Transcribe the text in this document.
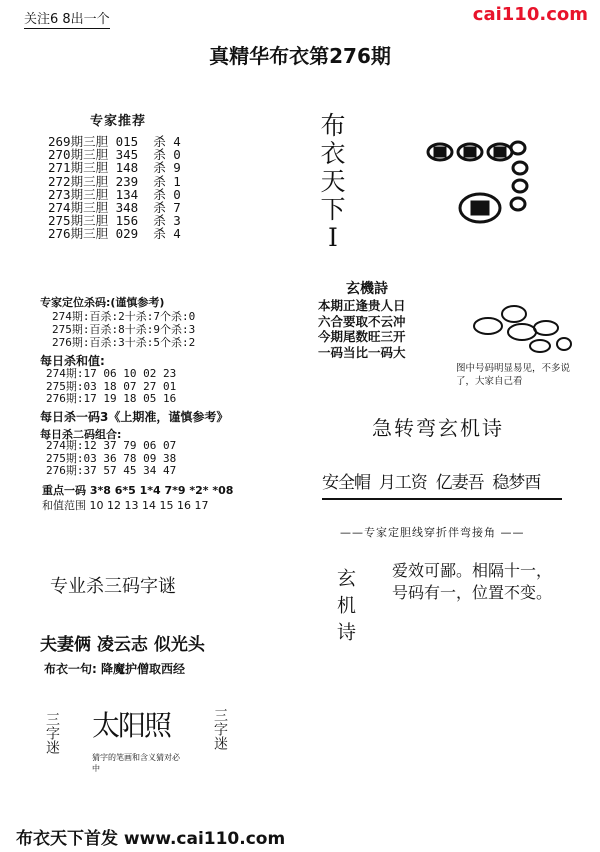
关注6 8出一个	cai110.com
真精华布衣第276期
专家推荐
269期三胆 015  杀 4
270期三胆 345  杀 0
271期三胆 148  杀 9
272期三胆 239  杀 1
273期三胆 134  杀 0
274期三胆 348  杀 7
275期三胆 156  杀 3
276期三胆 029  杀 4
专家定位杀码:(谨慎参考)
274期:百杀:2十杀:7个杀:0
275期:百杀:8十杀:9个杀:3
276期:百杀:3十杀:5个杀:2
每日杀和值:
274期:17 06 10 02 23
275期:03 18 07 27 01
276期:17 19 18 05 16
每日杀一码3《上期准，谨慎参考》
每日杀二码组合:
274期:12 37 79 06 07
275期:03 36 78 09 38
276期:37 57 45 34 47
重点一码 3*8 6*5 1*4 7*9 *2* *08
和值范围 10 12 13 14 15 16 17
专业杀三码字谜
夫妻俩 凌云志 似光头
布衣一句: 降魔护僧取西经
三字迷 太阳照
猜字的笔画和含义猜对必中
三字迷
布衣天下首发 www.cai110.com
布衣天下Ⅰ
玄機詩
本期正逢贵人日
六合要取不云冲
今期尾数旺三开
一码当比一码大
图中号码明显易见，不多说了，大家自己看
急转弯玄机诗
安全帽  月工资  亿妻吾  稳梦酉
——专家定胆线穿折伴弯接角 ——
玄机诗 爱效可鄙。相隔十一，
号码有一，位置不变。
